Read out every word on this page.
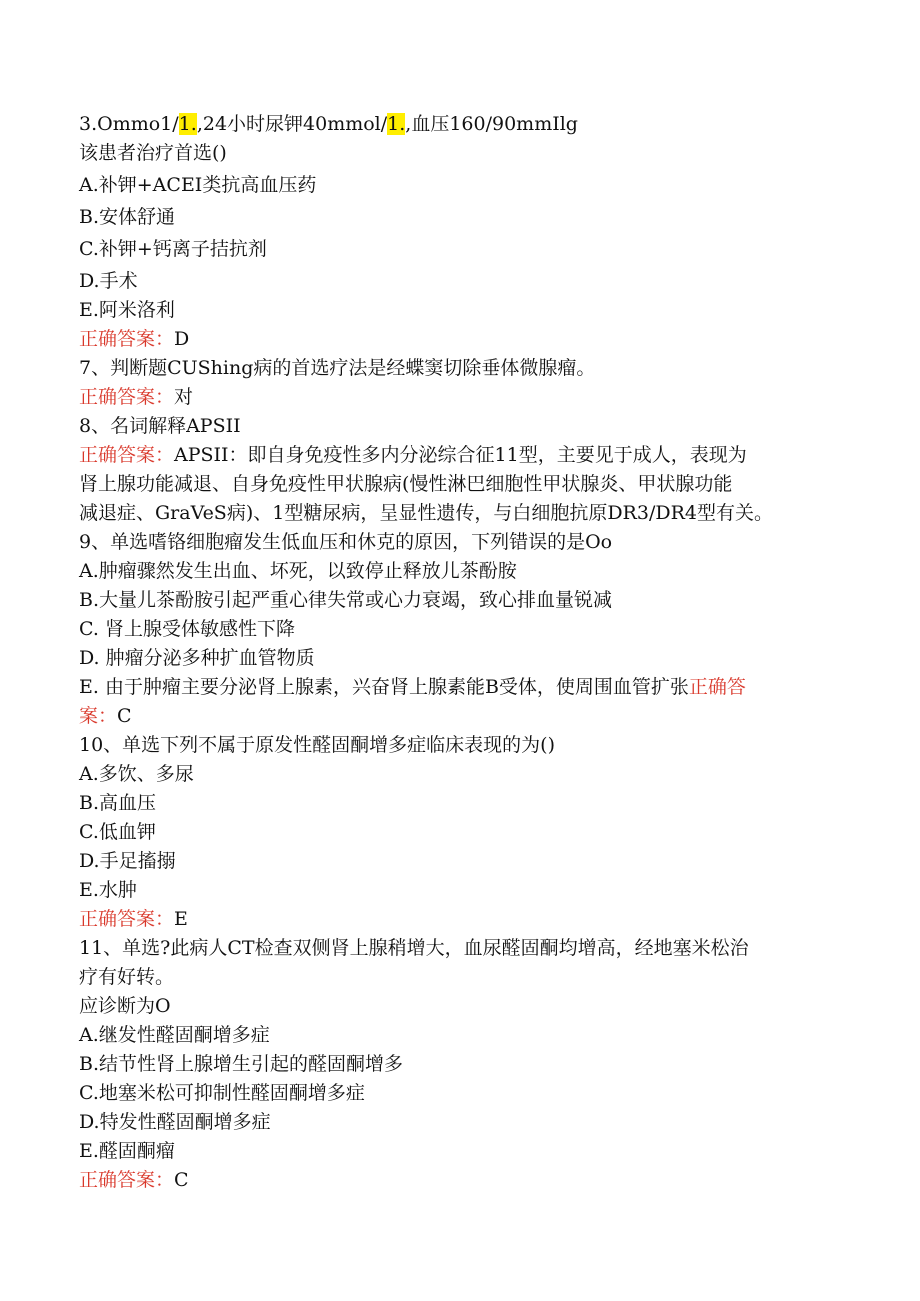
3.Ommo1/1.,24小时尿钾40mmol/1.,血压160/90mmIlg
该患者治疗首选()
A.补钾+ACEI类抗高血压药
B.安体舒通
C.补钾+钙离子拮抗剂
D.手术
E.阿米洛利
正确答案：D
7、判断题CUShing病的首选疗法是经蝶窦切除垂体微腺瘤。
正确答案：对
8、名词解释APSII
正确答案：APSII：即自身免疫性多内分泌综合征11型，主要见于成人，表现为
肾上腺功能减退、自身免疫性甲状腺病(慢性淋巴细胞性甲状腺炎、甲状腺功能
减退症、GraVeS病)、1型糖尿病，呈显性遗传，与白细胞抗原DR3/DR4型有关。
9、单选嗜铬细胞瘤发生低血压和休克的原因，下列错误的是Oo
A.肿瘤骤然发生出血、坏死，以致停止释放儿茶酚胺
B.大量儿茶酚胺引起严重心律失常或心力衰竭，致心排血量锐减
C. 肾上腺受体敏感性下降
D. 肿瘤分泌多种扩血管物质
E. 由于肿瘤主要分泌肾上腺素，兴奋肾上腺素能B受体，使周围血管扩张正确答
案：C
10、单选下列不属于原发性醛固酮增多症临床表现的为()
A.多饮、多尿
B.高血压
C.低血钾
D.手足搐搦
E.水肿
正确答案：E
11、单选?此病人CT检查双侧肾上腺稍增大，血尿醛固酮均增高，经地塞米松治
疗有好转。
应诊断为O
A.继发性醛固酮增多症
B.结节性肾上腺增生引起的醛固酮增多
C.地塞米松可抑制性醛固酮增多症
D.特发性醛固酮增多症
E.醛固酮瘤
正确答案：C
